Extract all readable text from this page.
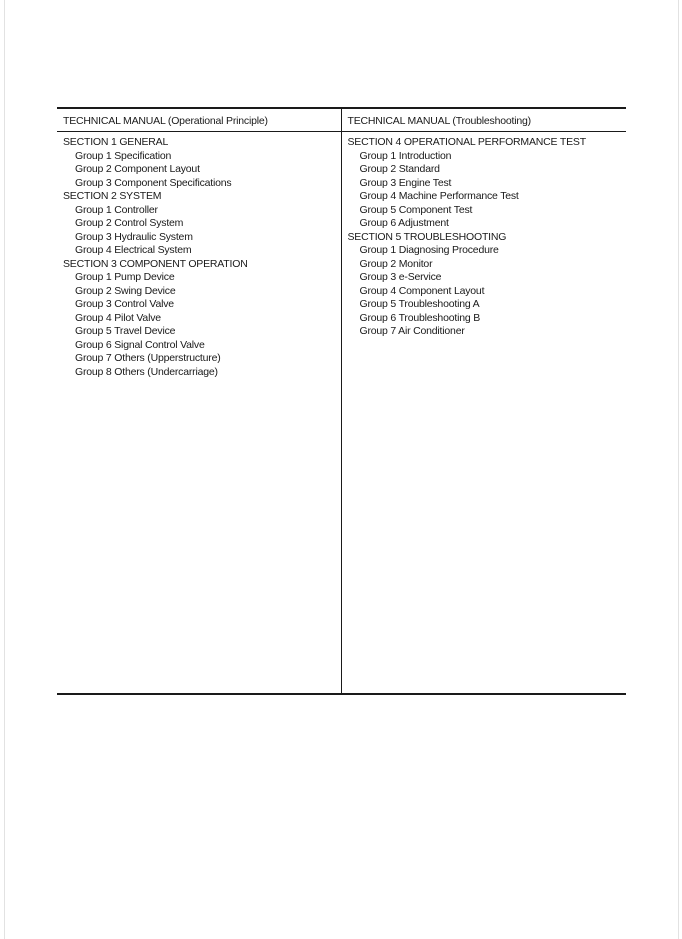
TECHNICAL MANUAL (Operational Principle)
SECTION 1 GENERAL
Group 1 Specification
Group 2 Component Layout
Group 3 Component Specifications
SECTION 2 SYSTEM
Group 1 Controller
Group 2 Control System
Group 3 Hydraulic System
Group 4 Electrical System
SECTION 3 COMPONENT OPERATION
Group 1 Pump Device
Group 2 Swing Device
Group 3 Control Valve
Group 4 Pilot Valve
Group 5 Travel Device
Group 6 Signal Control Valve
Group 7 Others (Upperstructure)
Group 8 Others (Undercarriage)
TECHNICAL MANUAL (Troubleshooting)
SECTION 4 OPERATIONAL PERFORMANCE TEST
Group 1 Introduction
Group 2 Standard
Group 3 Engine Test
Group 4 Machine Performance Test
Group 5 Component Test
Group 6 Adjustment
SECTION 5 TROUBLESHOOTING
Group 1 Diagnosing Procedure
Group 2 Monitor
Group 3 e-Service
Group 4 Component Layout
Group 5 Troubleshooting A
Group 6 Troubleshooting B
Group 7 Air Conditioner
